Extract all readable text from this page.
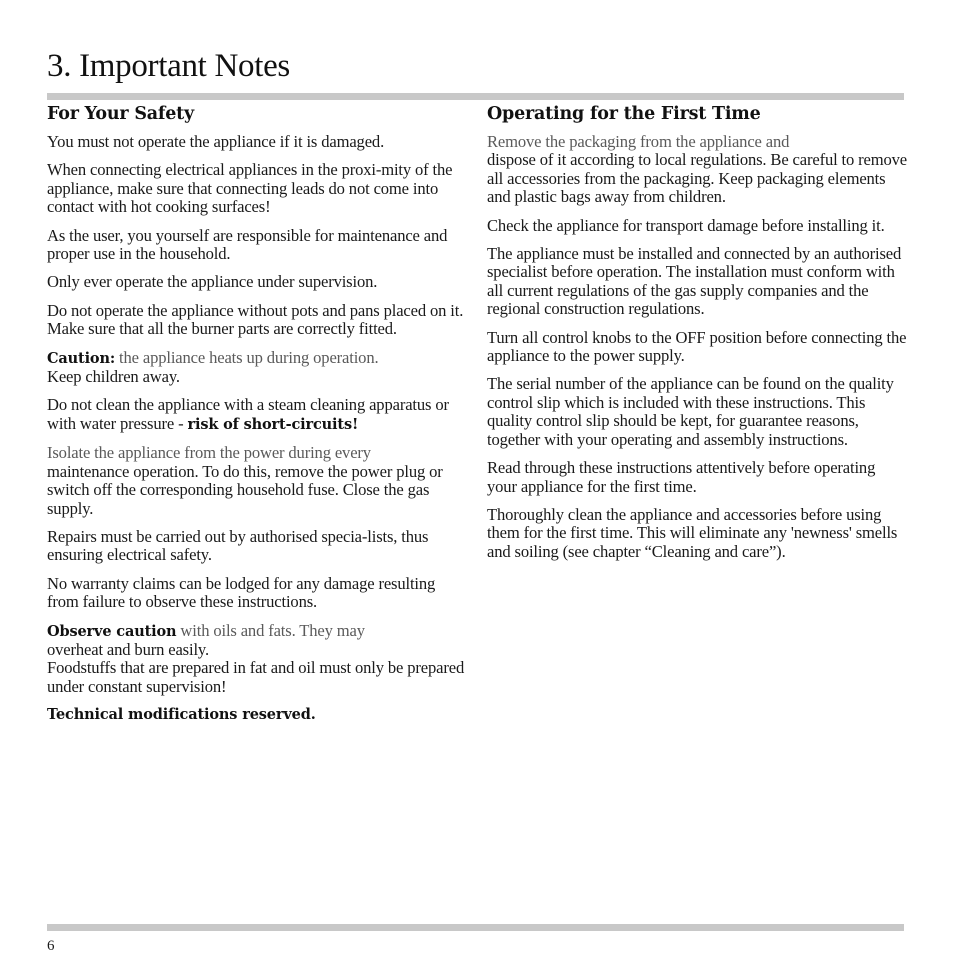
3. Important Notes
For Your Safety

You must not operate the appliance if it is damaged.

When connecting electrical appliances in the proxi-mity of the appliance, make sure that connecting leads do not come into contact with hot cooking surfaces!

As the user, you yourself are responsible for maintenance and proper use in the household.

Only ever operate the appliance under supervision.

Do not operate the appliance without pots and pans placed on it. Make sure that all the burner parts are correctly fitted.

Caution: the appliance heats up during operation.
Keep children away.

Do not clean the appliance with a steam cleaning apparatus or with water pressure - risk of short-circuits!

Isolate the appliance from the power during every
maintenance operation. To do this, remove the power plug or switch off the corresponding household fuse. Close the gas supply.

Repairs must be carried out by authorised specia-lists, thus ensuring electrical safety.

No warranty claims can be lodged for any damage resulting from failure to observe these instructions.

Observe caution with oils and fats. They may
overheat and burn easily.
Foodstuffs that are prepared in fat and oil must only be prepared under constant supervision!

Technical modifications reserved.

Operating for the First Time

Remove the packaging from the appliance and
dispose of it according to local regulations. Be careful to remove all accessories from the packaging. Keep packaging elements and plastic bags away from children.

Check the appliance for transport damage before installing it.

The appliance must be installed and connected by an authorised specialist before operation. The installation must conform with all current regulations of the gas supply companies and the regional construction regulations.

Turn all control knobs to the OFF position before connecting the appliance to the power supply.

The serial number of the appliance can be found on the quality control slip which is included with these instructions. This quality control slip should be kept, for guarantee reasons, together with your operating and assembly instructions.

Read through these instructions attentively before operating your appliance for the first time.

Thoroughly clean the appliance and accessories before using them for the first time. This will eliminate any 'newness' smells and soiling (see chapter “Cleaning and care”).

6
